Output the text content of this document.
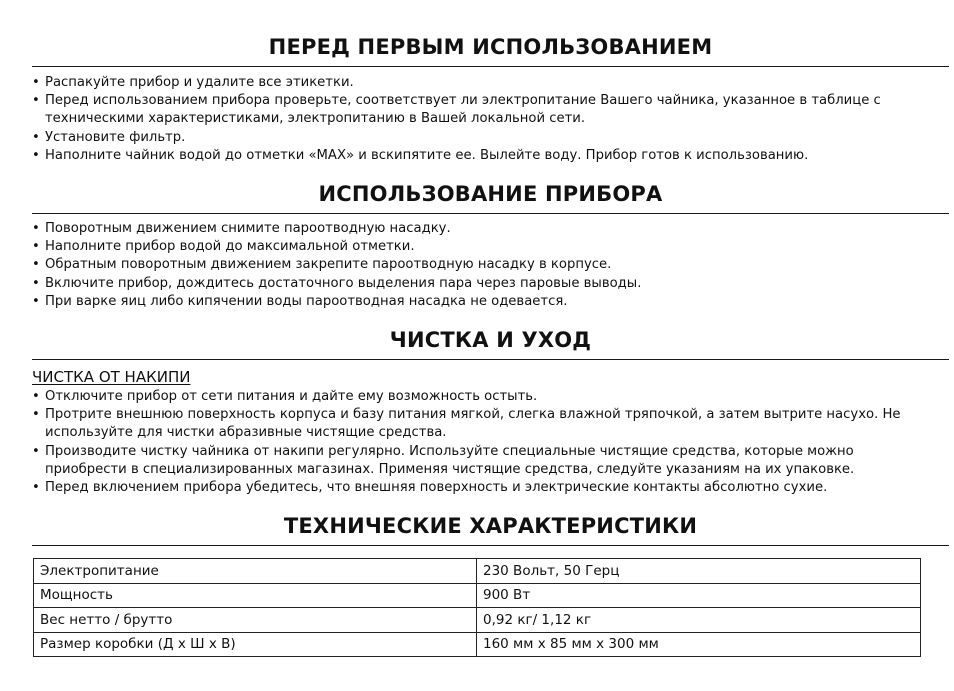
ПЕРЕД ПЕРВЫМ ИСПОЛЬЗОВАНИЕМ
• Распакуйте прибор и удалите все этикетки.
• Перед использованием прибора проверьте, соответствует ли электропитание Вашего чайника, указанное в таблице с техническими характеристиками, электропитанию в Вашей локальной сети.
• Установите фильтр.
• Наполните чайник водой до отметки «MAX» и вскипятите ее. Вылейте воду. Прибор готов к использованию.
ИСПОЛЬЗОВАНИЕ ПРИБОРА
• Поворотным движением снимите пароотводную насадку.
• Наполните прибор водой до максимальной отметки.
• Обратным поворотным движением закрепите пароотводную насадку в корпусе.
• Включите прибор, дождитесь достаточного выделения пара через паровые выводы.
• При варке яиц либо кипячении воды пароотводная насадка не одевается.
ЧИСТКА И УХОД
ЧИСТКА ОТ НАКИПИ
• Отключите прибор от сети питания и дайте ему возможность остыть.
• Протрите внешнюю поверхность корпуса и базу питания мягкой, слегка влажной тряпочкой, а затем вытрите насухо. Не используйте для чистки абразивные чистящие средства.
• Производите чистку чайника от накипи регулярно. Используйте специальные чистящие средства, которые можно приобрести в специализированных магазинах. Применяя чистящие средства, следуйте указаниям на их упаковке.
• Перед включением прибора убедитесь, что внешняя поверхность и электрические контакты абсолютно сухие.
ТЕХНИЧЕСКИЕ ХАРАКТЕРИСТИКИ
Электропитание	230 Вольт, 50 Герц
Мощность	900 Вт
Вес нетто / брутто	0,92 кг/ 1,12 кг
Размер коробки (Д х Ш х В)	160 мм х 85 мм х 300 мм
